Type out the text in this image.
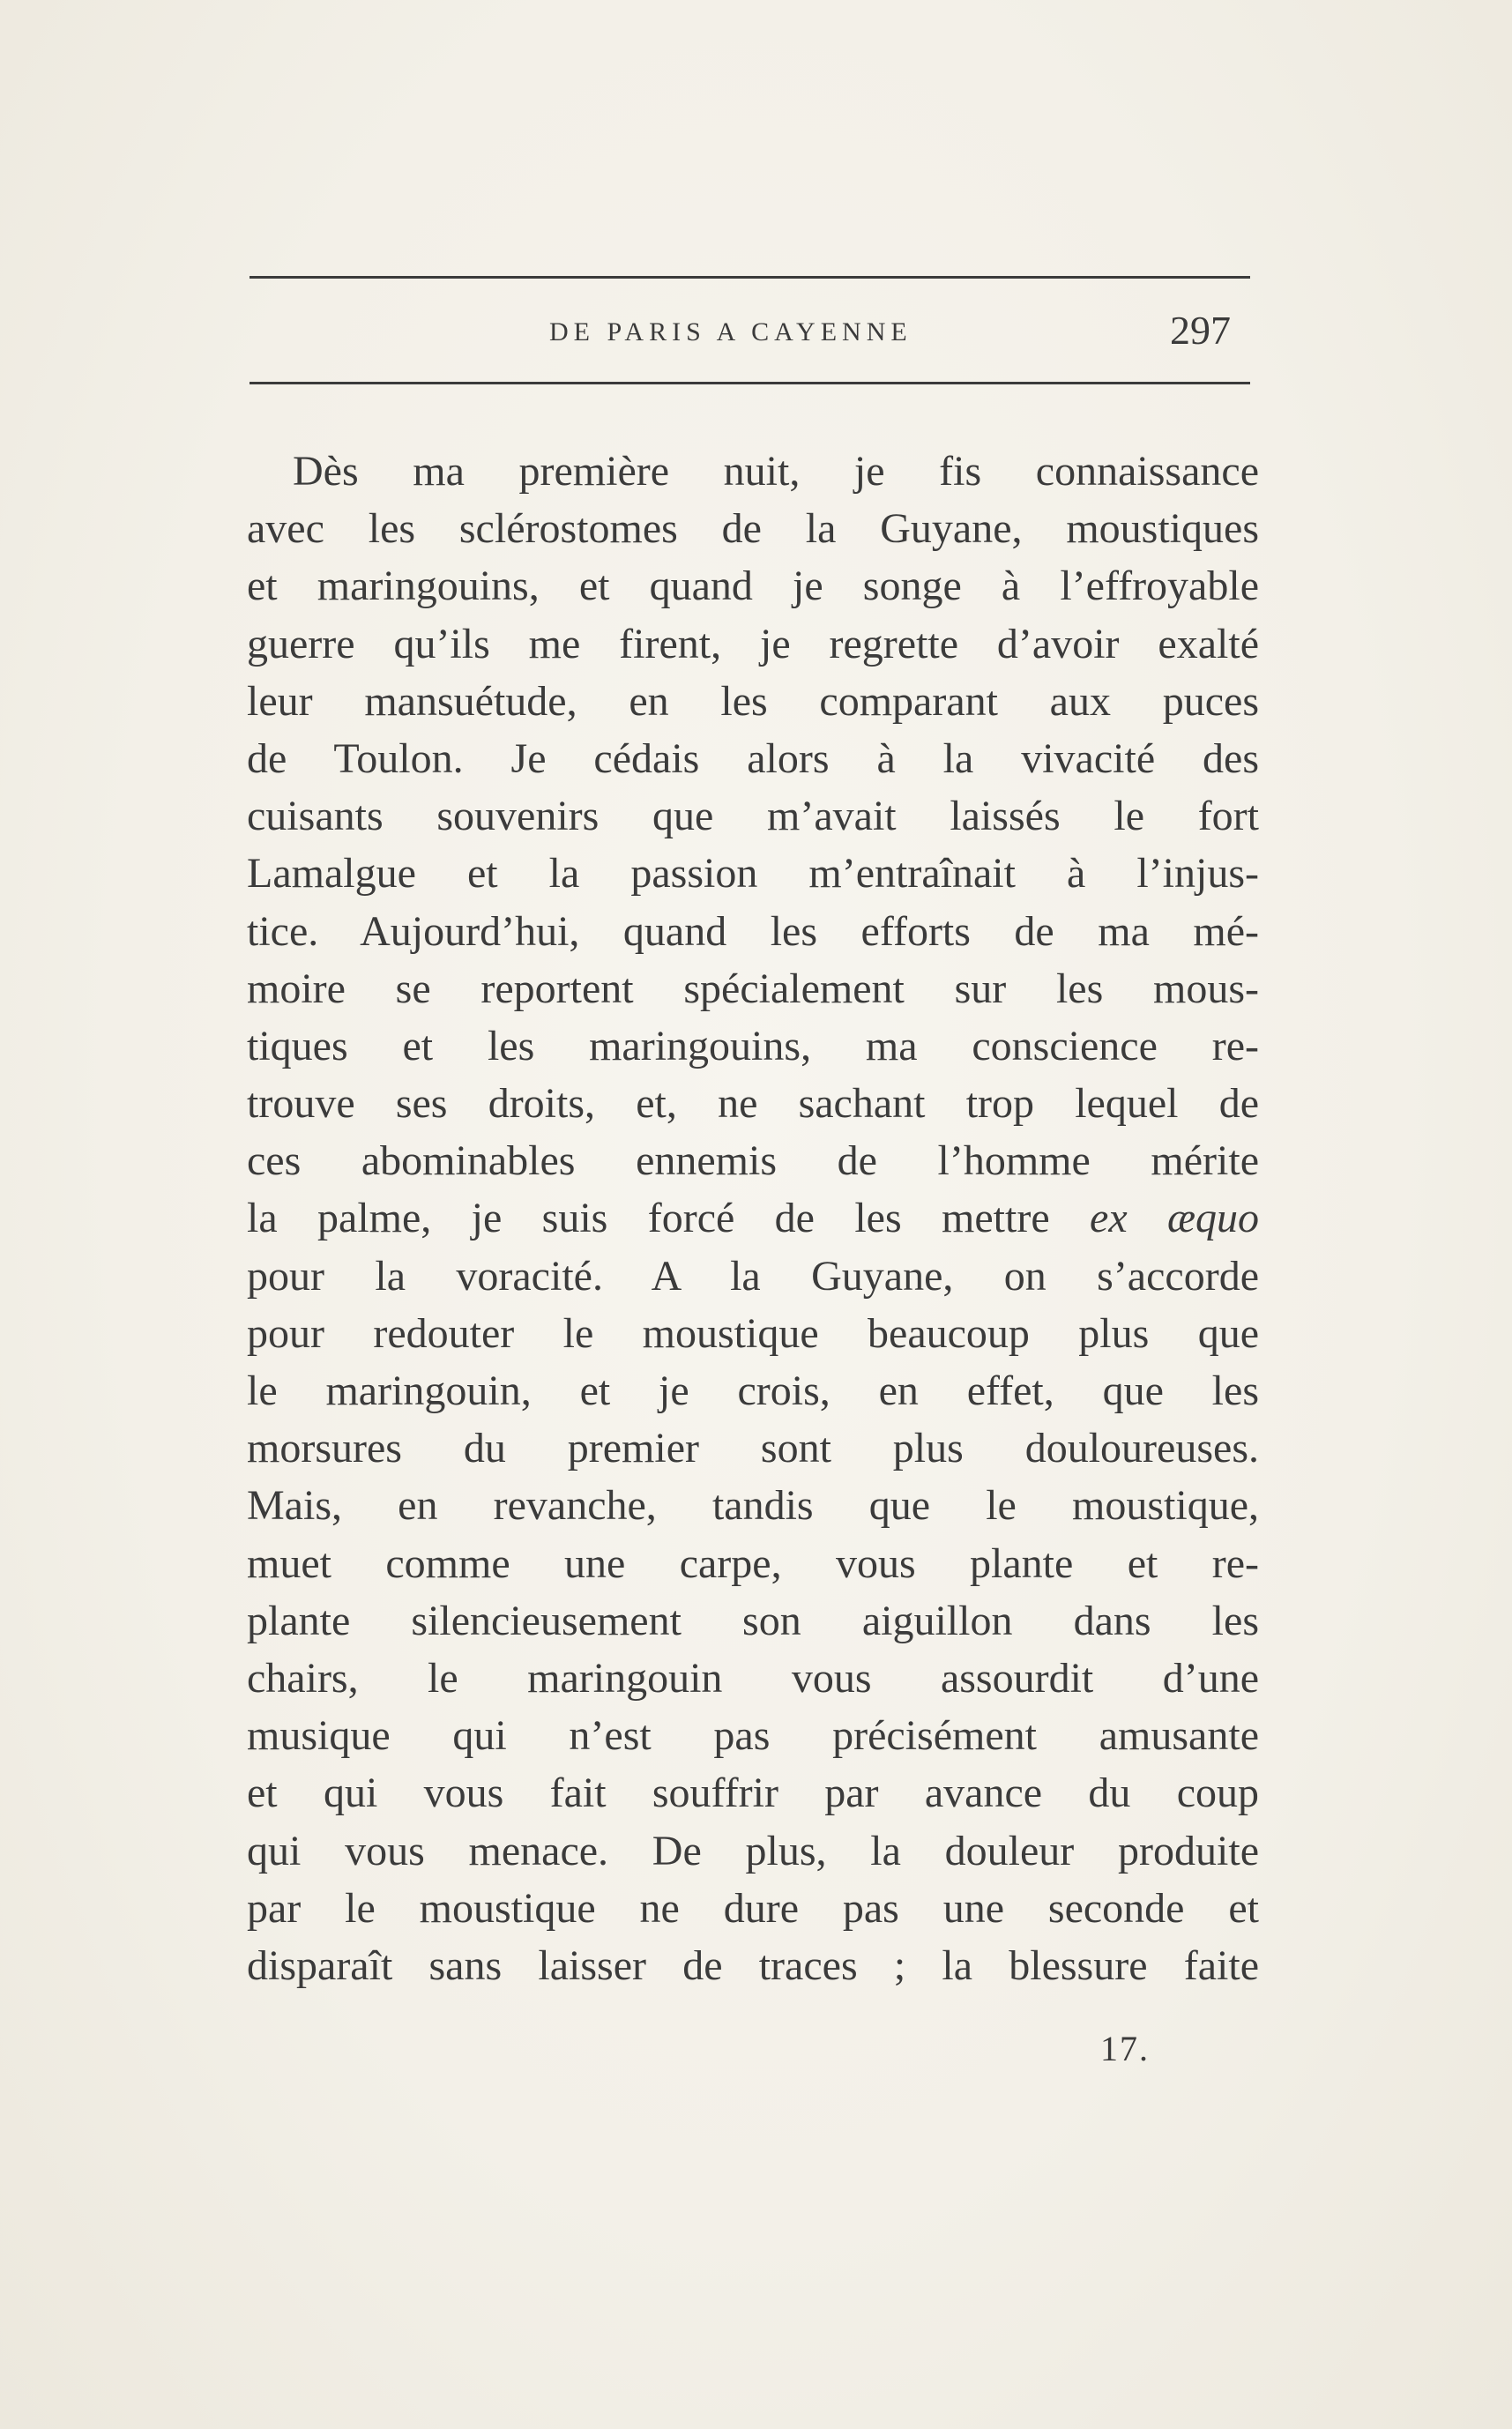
DE PARIS A CAYENNE	297
Dès ma première nuit, je fis connaissance
avec les sclérostomes de la Guyane, moustiques
et maringouins, et quand je songe à l’effroyable
guerre qu’ils me firent, je regrette d’avoir exalté
leur mansuétude, en les comparant aux puces
de Toulon. Je cédais alors à la vivacité des
cuisants souvenirs que m’avait laissés le fort
Lamalgue et la passion m’entraînait à l’injus-
tice. Aujourd’hui, quand les efforts de ma mé-
moire se reportent spécialement sur les mous-
tiques et les maringouins, ma conscience re-
trouve ses droits, et, ne sachant trop lequel de
ces abominables ennemis de l’homme mérite
la palme, je suis forcé de les mettre ex æquo
pour la voracité. A la Guyane, on s’accorde
pour redouter le moustique beaucoup plus que
le maringouin, et je crois, en effet, que les
morsures du premier sont plus douloureuses.
Mais, en revanche, tandis que le moustique,
muet comme une carpe, vous plante et re-
plante silencieusement son aiguillon dans les
chairs, le maringouin vous assourdit d’une
musique qui n’est pas précisément amusante
et qui vous fait souffrir par avance du coup
qui vous menace. De plus, la douleur produite
par le moustique ne dure pas une seconde et
disparaît sans laisser de traces ; la blessure faite
17.
